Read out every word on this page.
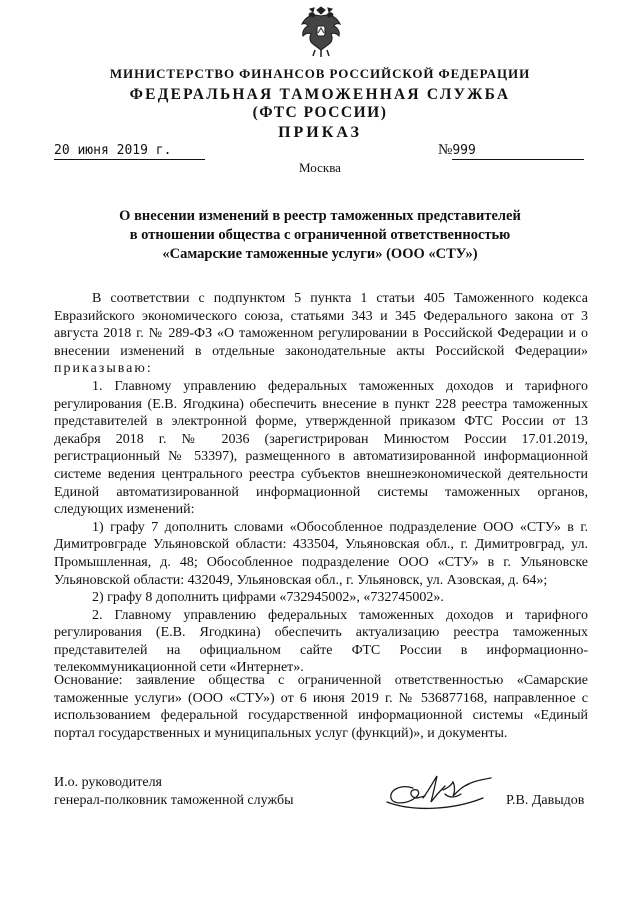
МИНИСТЕРСТВО ФИНАНСОВ РОССИЙСКОЙ ФЕДЕРАЦИИ
ФЕДЕРАЛЬНАЯ ТАМОЖЕННАЯ СЛУЖБА
(ФТС РОССИИ)
ПРИКАЗ
20 июня 2019 г.	№999
Москва
О внесении изменений в реестр таможенных представителей
в отношении общества с ограниченной ответственностью
«Самарские таможенные услуги» (ООО «СТУ»)

В соответствии с подпунктом 5 пункта 1 статьи 405 Таможенного кодекса Евразийского экономического союза, статьями 343 и 345 Федерального закона от 3 августа 2018 г. № 289-ФЗ «О таможенном регулировании в Российской Федерации и о внесении изменений в отдельные законодательные акты Российской Федерации» приказываю:

1. Главному управлению федеральных таможенных доходов и тарифного регулирования (Е.В. Ягодкина) обеспечить внесение в пункт 228 реестра таможенных представителей в электронной форме, утвержденной приказом ФТС России от 13 декабря 2018 г. № 2036 (зарегистрирован Минюстом России 17.01.2019, регистрационный № 53397), размещенного в автоматизированной информационной системе ведения центрального реестра субъектов внешнеэкономической деятельности Единой автоматизированной информационной системы таможенных органов, следующих изменений:

1) графу 7 дополнить словами «Обособленное подразделение ООО «СТУ» в г. Димитровграде Ульяновской области: 433504, Ульяновская обл., г. Димитровград, ул. Промышленная, д. 48; Обособленное подразделение ООО «СТУ» в г. Ульяновске Ульяновской области: 432049, Ульяновская обл., г. Ульяновск, ул. Азовская, д. 64»;

2) графу 8 дополнить цифрами «732945002», «732745002».

2. Главному управлению федеральных таможенных доходов и тарифного регулирования (Е.В. Ягодкина) обеспечить актуализацию реестра таможенных представителей на официальном сайте ФТС России в информационно-телекоммуникационной сети «Интернет».

Основание: заявление общества с ограниченной ответственностью «Самарские таможенные услуги» (ООО «СТУ») от 6 июня 2019 г. № 536877168, направленное с использованием федеральной государственной информационной системы «Единый портал государственных и муниципальных услуг (функций)», и документы.

И.о. руководителя
генерал-полковник таможенной службы	Р.В. Давыдов
